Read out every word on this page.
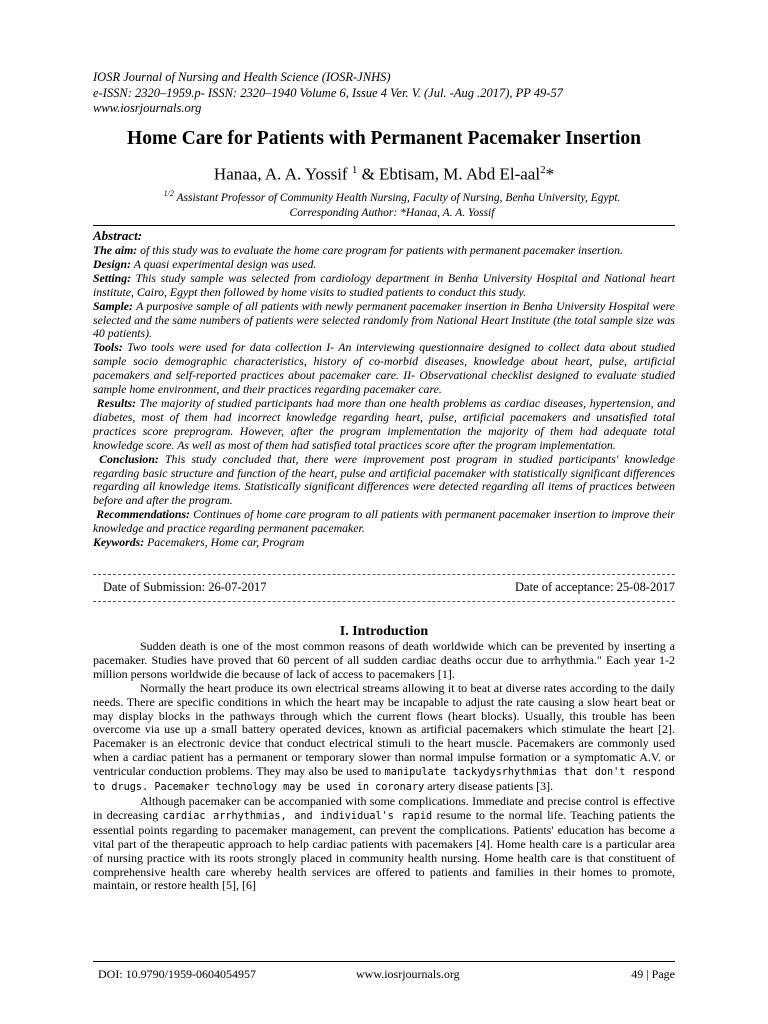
IOSR Journal of Nursing and Health Science (IOSR-JNHS)
e-ISSN: 2320–1959.p- ISSN: 2320–1940 Volume 6, Issue 4 Ver. V. (Jul. -Aug .2017), PP 49-57
www.iosrjournals.org
Home Care for Patients with Permanent Pacemaker Insertion
Hanaa, A. A. Yossif $^1$ & Ebtisam, M. Abd El-aal$^2$*
$^{1/2}$ Assistant Professor of Community Health Nursing, Faculty of Nursing, Benha University, Egypt.
Corresponding Author: *Hanaa, A. A. Yossif
Abstract:

The aim: of this study was to evaluate the home care program for patients with permanent pacemaker insertion.

Design: A quasi experimental design was used.

Setting: This study sample was selected from cardiology department in Benha University Hospital and National heart institute, Cairo, Egypt then followed by home visits to studied patients to conduct this study.

Sample: A purposive sample of all patients with newly permanent pacemaker insertion in Benha University Hospital were selected and the same numbers of patients were selected randomly from National Heart Institute (the total sample size was 40 patients).

Tools: Two tools were used for data collection I- An interviewing questionnaire designed to collect data about studied sample socio demographic characteristics, history of co-morbid diseases, knowledge about heart, pulse, artificial pacemakers and self-reported practices about pacemaker care. II- Observational checklist designed to evaluate studied sample home environment, and their practices regarding pacemaker care.

Results: The majority of studied participants had more than one health problems as cardiac diseases, hypertension, and diabetes, most of them had incorrect knowledge regarding heart, pulse, artificial pacemakers and unsatisfied total practices score preprogram. However, after the program implementation the majority of them had adequate total knowledge score. As well as most of them had satisfied total practices score after the program implementation.

Conclusion: This study concluded that, there were improvement post program in studied participants' knowledge regarding basic structure and function of the heart, pulse and artificial pacemaker with statistically significant differences regarding all knowledge items. Statistically significant differences were detected regarding all items of practices between before and after the program.

Recommendations: Continues of home care program to all patients with permanent pacemaker insertion to improve their knowledge and practice regarding permanent pacemaker.

Keywords: Pacemakers, Home car, Program

Date of Submission: 26-07-2017	Date of acceptance: 25-08-2017
I. Introduction

Sudden death is one of the most common reasons of death worldwide which can be prevented by inserting a pacemaker. Studies have proved that 60 percent of all sudden cardiac deaths occur due to arrhythmia." Each year 1-2 million persons worldwide die because of lack of access to pacemakers [1].

Normally the heart produce its own electrical streams allowing it to beat at diverse rates according to the daily needs. There are specific conditions in which the heart may be incapable to adjust the rate causing a slow heart beat or may display blocks in the pathways through which the current flows (heart blocks). Usually, this trouble has been overcome via use up a small battery operated devices, known as artificial pacemakers which stimulate the heart [2]. Pacemaker is an electronic device that conduct electrical stimuli to the heart muscle. Pacemakers are commonly used when a cardiac patient has a permanent or temporary slower than normal impulse formation or a symptomatic A.V. or ventricular conduction problems. They may also be used to manipulate tackydysrhythmias that don't respond to drugs. Pacemaker technology may be used in coronary artery disease patients [3].

Although pacemaker can be accompanied with some complications. Immediate and precise control is effective in decreasing cardiac arrhythmias, and individual's rapid resume to the normal life. Teaching patients the essential points regarding to pacemaker management, can prevent the complications. Patients' education has become a vital part of the therapeutic approach to help cardiac patients with pacemakers [4]. Home health care is a particular area of nursing practice with its roots strongly placed in community health nursing. Home health care is that constituent of comprehensive health care whereby health services are offered to patients and families in their homes to promote, maintain, or restore health [5], [6]

DOI: 10.9790/1959-0604054957	www.iosrjournals.org	49 | Page
